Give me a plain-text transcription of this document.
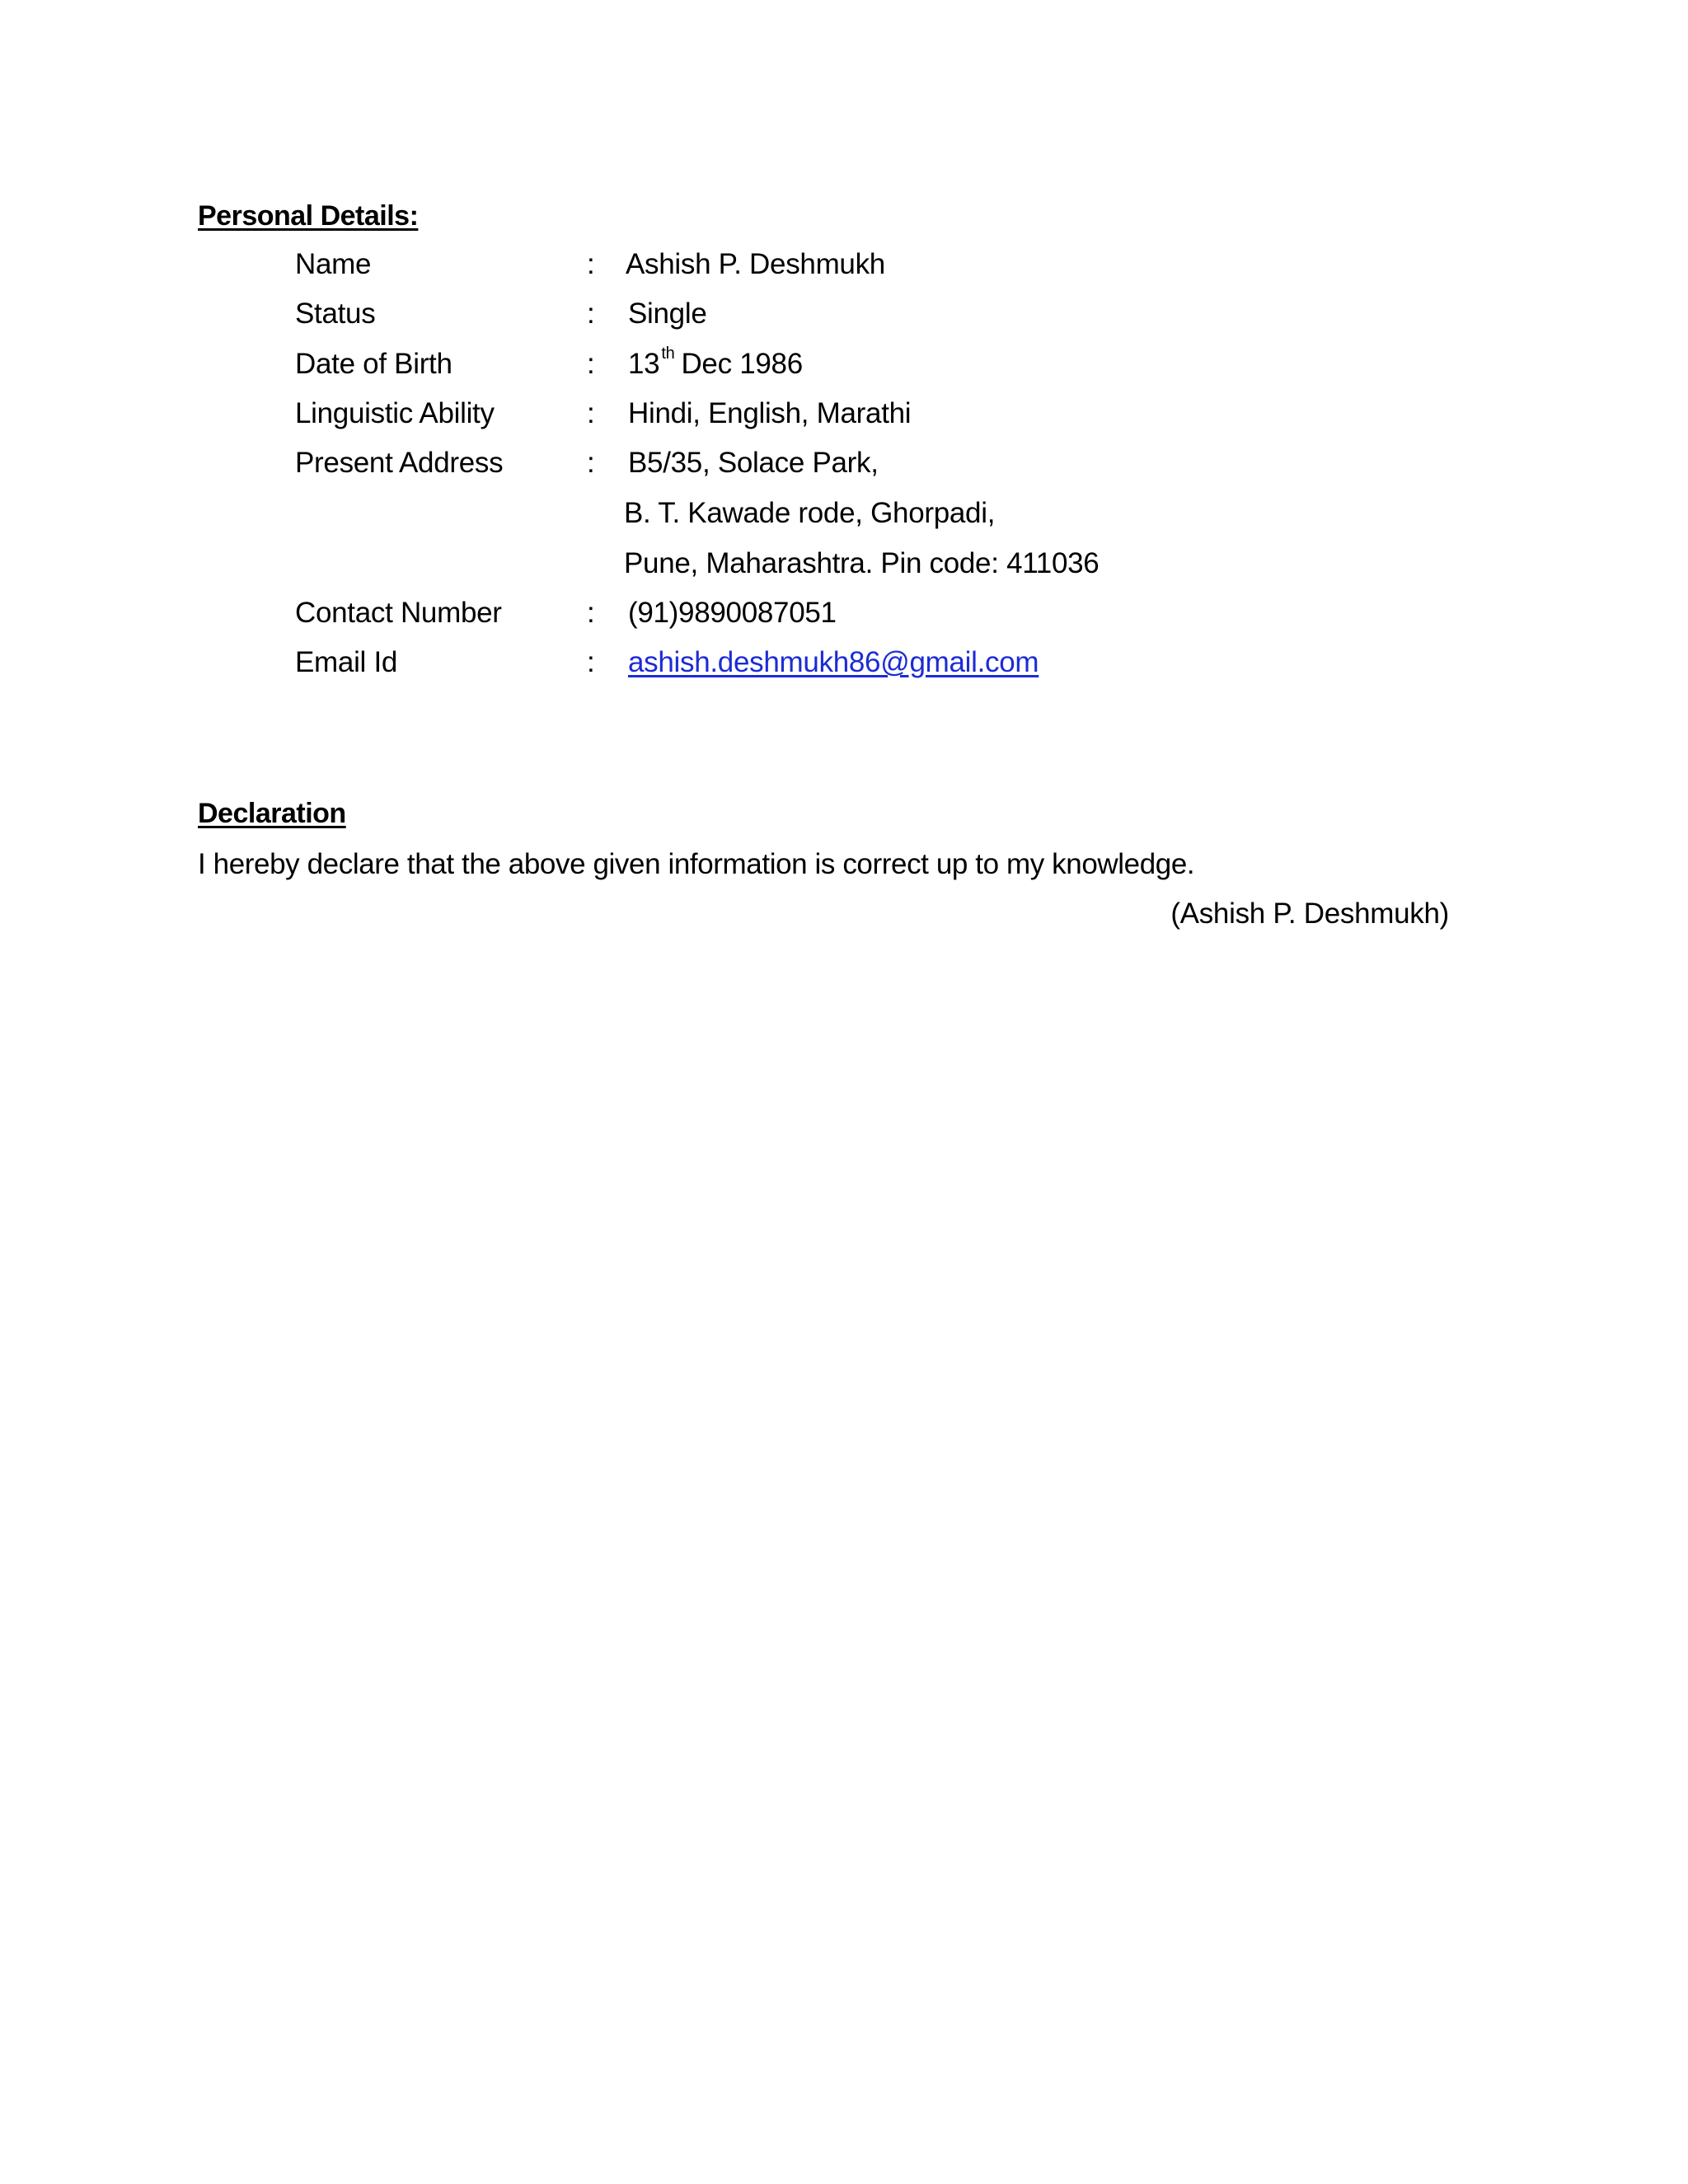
Personal Details:
Name	: Ashish P. Deshmukh
Status	: Single
Date of Birth	: 13 $^{th}$ Dec 1986
Linguistic Ability	: Hindi, English, Marathi
Present Address	: B5/35, Solace Park,
B. T. Kawade rode, Ghorpadi,
Pune, Maharashtra. Pin code: 411036
Contact Number	: (91)9890087051
Email Id	: ashish.deshmukh86@gmail.com
Declaration
I hereby declare that the above given information is correct up to my knowledge.
(Ashish P. Deshmukh)
